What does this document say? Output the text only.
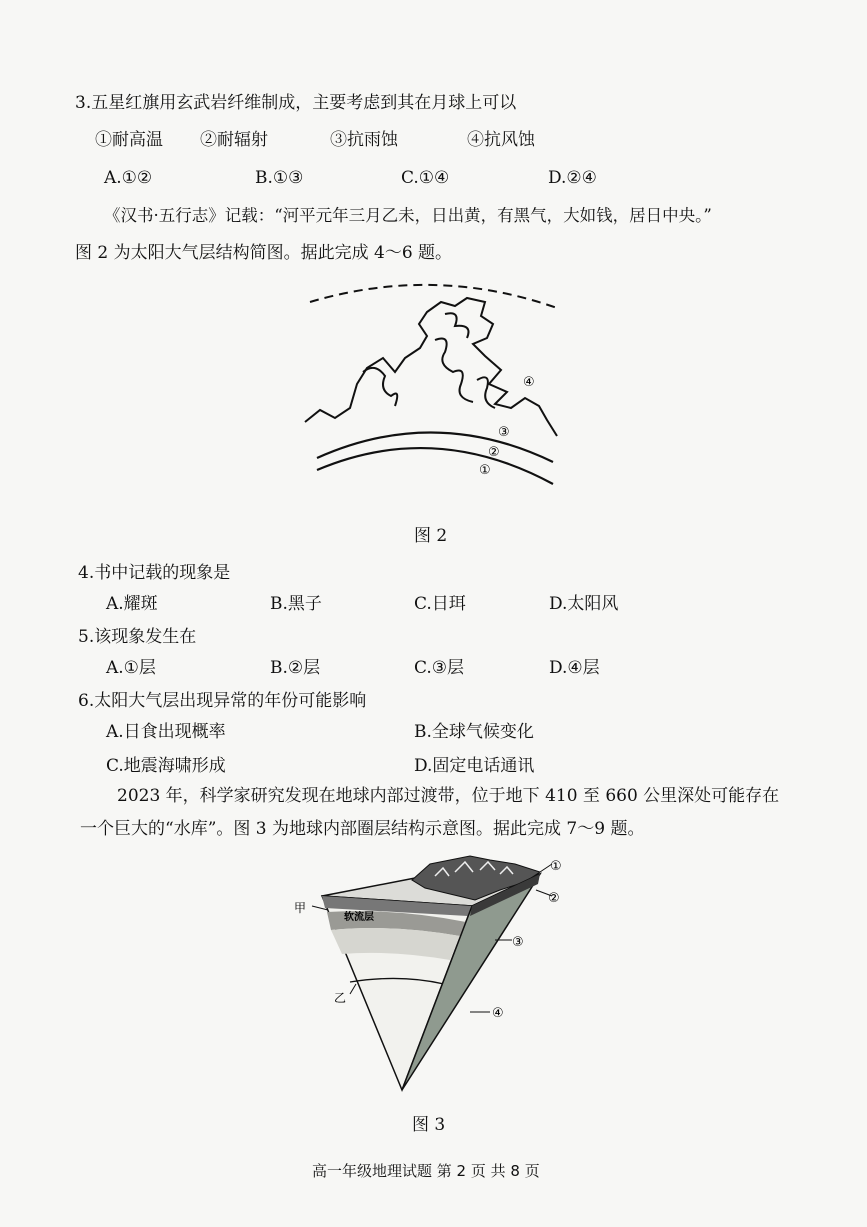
3.五星红旗用玄武岩纤维制成，主要考虑到其在月球上可以
①耐高温 ②耐辐射	③抗雨蚀	④抗风蚀
A.①②	B.①③	C.①④	D.②④
《汉书·五行志》记载：“河平元年三月乙未，日出黄，有黑气，大如钱，居日中央。”
图 2 为太阳大气层结构简图。据此完成 4～6 题。
④
③
②
①
图 2
4.书中记载的现象是
A.耀斑	B.黑子	C.日珥	D.太阳风
5.该现象发生在
A.①层	B.②层	C.③层	D.④层
6.太阳大气层出现异常的年份可能影响
A.日食出现概率	B.全球气候变化
C.地震海啸形成	D.固定电话通讯
2023 年，科学家研究发现在地球内部过渡带，位于地下 410 至 660 公里深处可能存在
一个巨大的“水库”。图 3 为地球内部圈层结构示意图。据此完成 7～9 题。
软流层
甲
乙
①
②
③
④
图 3
高一年级地理试题 第 2 页 共 8 页
